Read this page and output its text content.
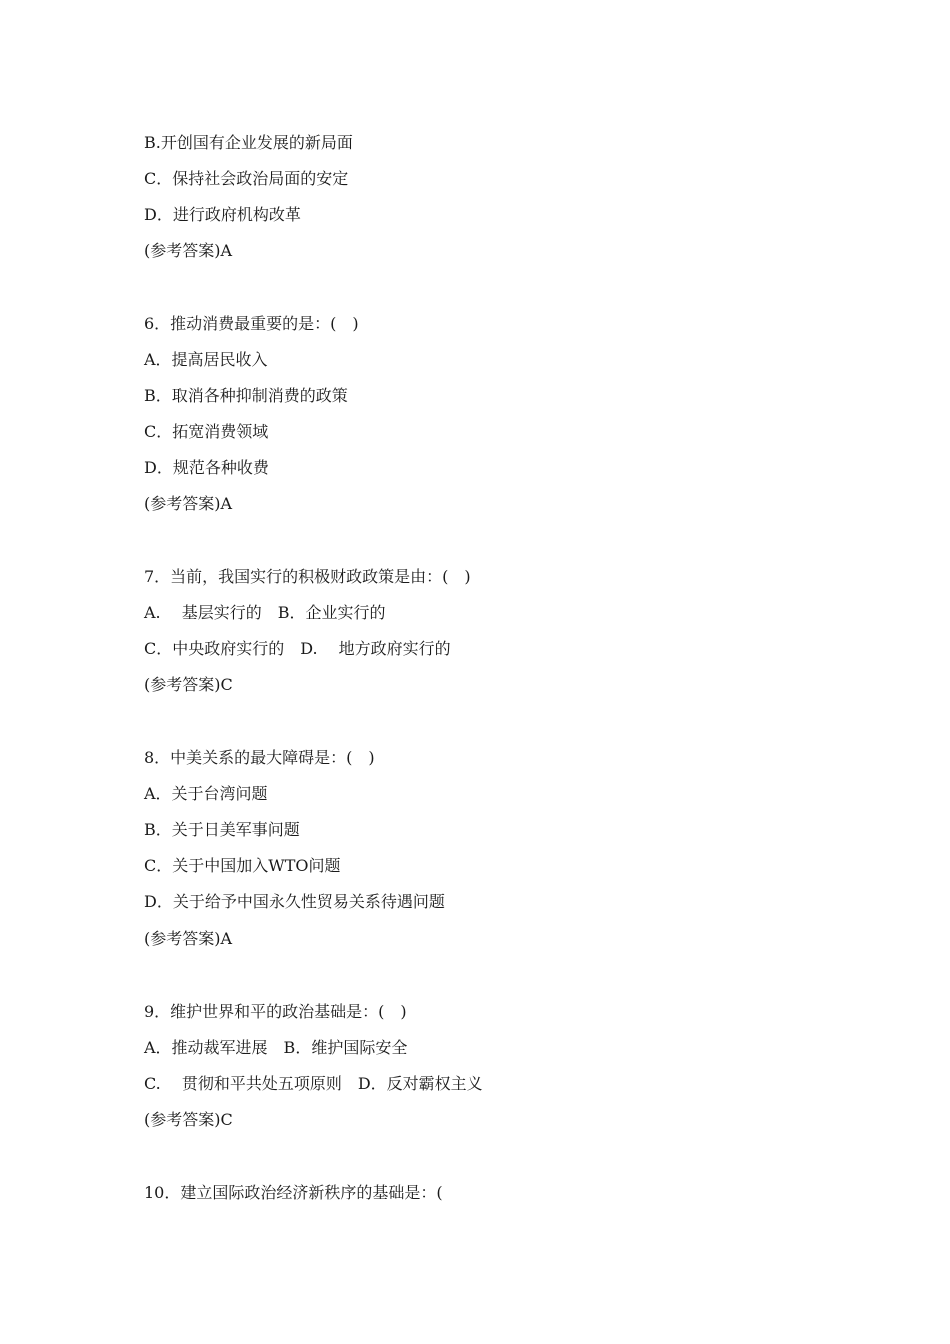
B.开创国有企业发展的新局面
C．保持社会政治局面的安定
D．进行政府机构改革
(参考答案)A
6．推动消费最重要的是：(　)
A．提高居民收入
B．取消各种抑制消费的政策
C．拓宽消费领域
D．规范各种收费
(参考答案)A
7．当前，我国实行的积极财政政策是由：(　)
A.　 基层实行的　B．企业实行的
C．中央政府实行的　D.　 地方政府实行的
(参考答案)C
8．中美关系的最大障碍是：(　)
A．关于台湾问题
B．关于日美军事问题
C．关于中国加入WTO问题
D．关于给予中国永久性贸易关系待遇问题
(参考答案)A
9．维护世界和平的政治基础是：(　)
A．推动裁军进展　B．维护国际安全
C.　 贯彻和平共处五项原则　D．反对霸权主义
(参考答案)C
10．建立国际政治经济新秩序的基础是：(
